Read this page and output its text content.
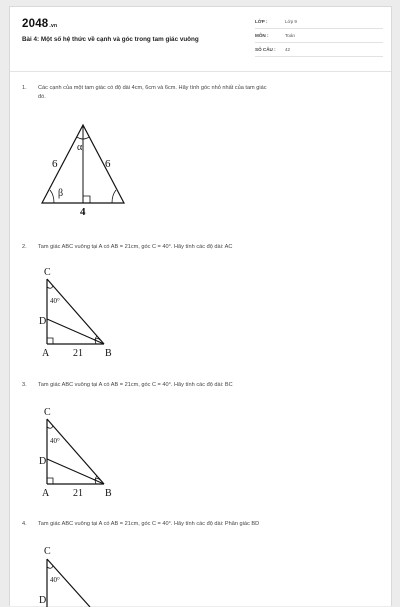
2048.vn
Bài 4: Một số hệ thức về cạnh và góc trong tam giác vuông
LỚP :	Lớp 9
MÔN :	Toán
SỐ CÂU : 42
1. Các cạnh của một tam giác có độ dài 4cm, 6cm và 6cm. Hãy tính góc nhỏ nhất của tam giác
đó.
6	6
4
α
β
2. Tam giác ABC vuông tại A có AB = 21cm, góc C = 40°. Hãy tính các độ dài: AC
C
D
A	B
21
40°
3. Tam giác ABC vuông tại A có AB = 21cm, góc C = 40°. Hãy tính các độ dài: BC
C
D
A	B
21
40°
4. Tam giác ABC vuông tại A có AB = 21cm, góc C = 40°. Hãy tính các độ dài: Phân giác BD
C
D
40°
